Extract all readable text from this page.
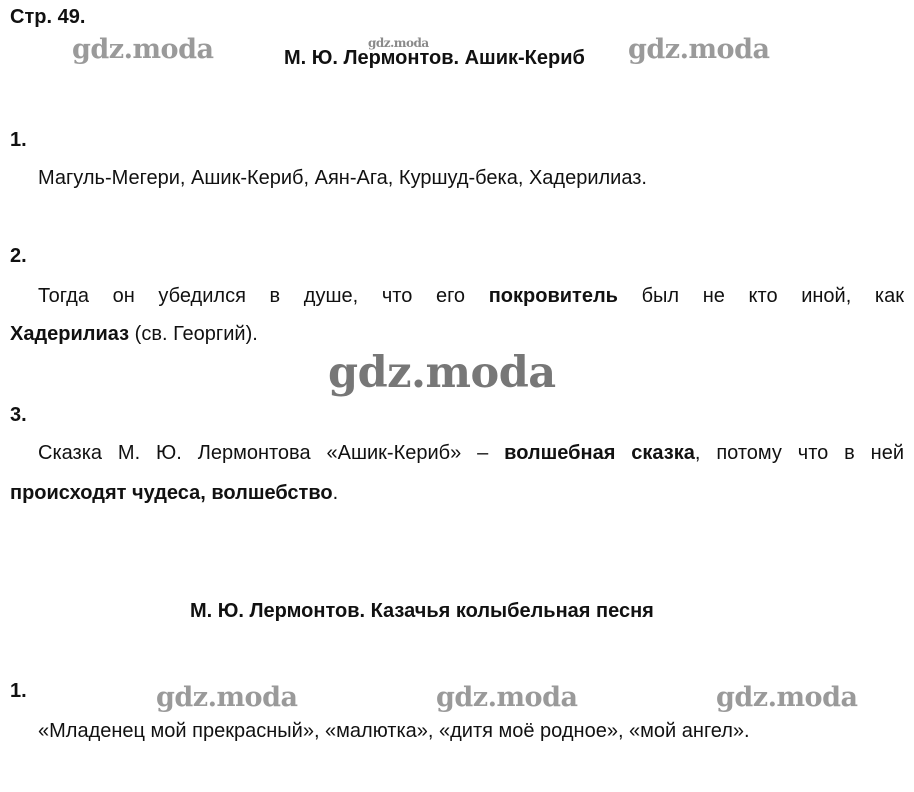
Стр. 49.
gdz.moda	gdz.moda	gdz.moda
М. Ю. Лермонтов. Ашик-Кериб
1.
Магуль-Мегери, Ашик-Кериб, Аян-Ага, Куршуд-бека, Хадерилиаз.
2.
Тогда он убедился в душе, что его покровитель был не кто иной, как
Хадерилиаз (св. Георгий).
gdz.moda
3.
Сказка М. Ю. Лермонтова «Ашик-Кериб» – волшебная сказка, потому что в ней
происходят чудеса, волшебство.
М. Ю. Лермонтов. Казачья колыбельная песня
1.	gdz.moda	gdz.moda	gdz.moda
«Младенец мой прекрасный», «малютка», «дитя моё родное», «мой ангел».
